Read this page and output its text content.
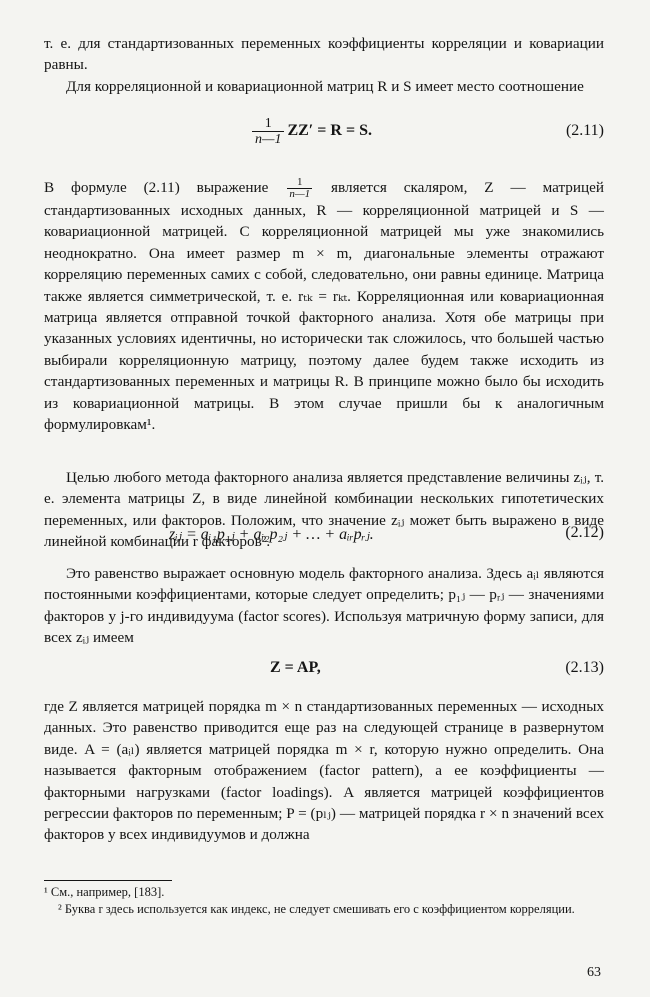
т. е. для стандартизованных переменных коэффициенты корреляции и ковариации равны.

Для корреляционной и ковариационной матриц R и S имеет место соотношение

$\frac{1}{n—1} ZZ' = R = S$.	(2.11)

В формуле (2.11) выражение $\frac{1}{n—1}$ является скаляром, Z — матрицей стандартизованных исходных данных, R — корреляционной матрицей и S — ковариационной матрицей. С корреляционной матрицей мы уже знакомились неоднократно. Она имеет размер m × m, диагональные элементы отражают корреляцию переменных самих с собой, следовательно, они равны единице. Матрица также является симметрической, т. е. rₜₖ = rₖₜ. Корреляционная или ковариационная матрица является отправной точкой факторного анализа. Хотя обе матрицы при указанных условиях идентичны, но исторически так сложилось, что большей частью выбирали корреляционную матрицу, поэтому далее будем также исходить из стандартизованных переменных и матрицы R. В принципе можно было бы исходить из ковариационной матрицы. В этом случае пришли бы к аналогичным формулировкам¹.

Целью любого метода факторного анализа является представление величины zᵢⱼ, т. е. элемента матрицы Z, в виде линейной комбинации нескольких гипотетических переменных, или факторов. Положим, что значение zᵢⱼ может быть выражено в виде линейной комбинации r факторов².

zᵢⱼ = aᵢ₁p₁ⱼ + aᵢ₂p₂ⱼ + … + aᵢᵣpᵣⱼ.	(2.12)

Это равенство выражает основную модель факторного анализа. Здесь aᵢₗ являются постоянными коэффициентами, которые следует определить; p₁ⱼ — pᵣⱼ — значениями факторов у j-го индивидуума (factor scores). Используя матричную форму записи, для всех zᵢⱼ имеем

Z = AP,	(2.13)

где Z является матрицей порядка m × n стандартизованных переменных — исходных данных. Это равенство приводится еще раз на следующей странице в развернутом виде. A = (aᵢₗ) является матрицей порядка m × r, которую нужно определить. Она называется факторным отображением (factor pattern), а ее коэффициенты — факторными нагрузками (factor loadings). A является матрицей коэффициентов регрессии факторов по переменным; P = (pₗⱼ) — матрицей порядка r × n значений всех факторов у всех индивидуумов и должна

¹ См., например, [183].
² Буква r здесь используется как индекс, не следует смешивать его с коэффициентом корреляции.
63
